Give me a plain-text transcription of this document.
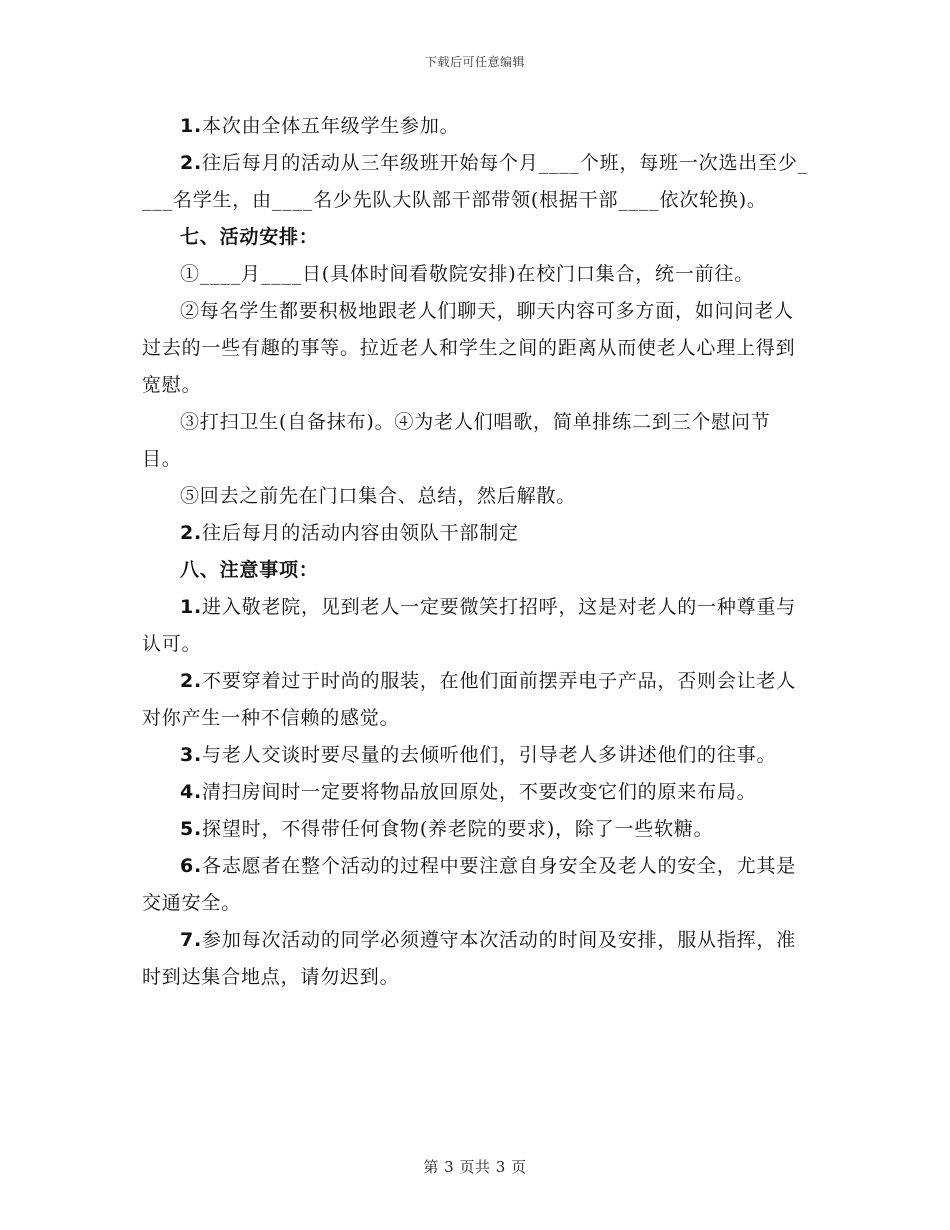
下载后可任意编辑

1.本次由全体五年级学生参加。

2.往后每月的活动从三年级班开始每个月____个班，每班一次选出至少____名学生，由____名少先队大队部干部带领(根据干部____依次轮换)。

七、活动安排：

①____月____日(具体时间看敬院安排)在校门口集合，统一前往。

②每名学生都要积极地跟老人们聊天，聊天内容可多方面，如问问老人过去的一些有趣的事等。拉近老人和学生之间的距离从而使老人心理上得到宽慰。

③打扫卫生(自备抹布)。④为老人们唱歌，简单排练二到三个慰问节目。

⑤回去之前先在门口集合、总结，然后解散。

2.往后每月的活动内容由领队干部制定

八、注意事项：

1.进入敬老院，见到老人一定要微笑打招呼，这是对老人的一种尊重与认可。

2.不要穿着过于时尚的服装，在他们面前摆弄电子产品，否则会让老人对你产生一种不信赖的感觉。

3.与老人交谈时要尽量的去倾听他们，引导老人多讲述他们的往事。

4.清扫房间时一定要将物品放回原处，不要改变它们的原来布局。

5.探望时，不得带任何食物(养老院的要求)，除了一些软糖。

6.各志愿者在整个活动的过程中要注意自身安全及老人的安全，尤其是交通安全。

7.参加每次活动的同学必须遵守本次活动的时间及安排，服从指挥，准时到达集合地点，请勿迟到。

第 3 页共 3 页
